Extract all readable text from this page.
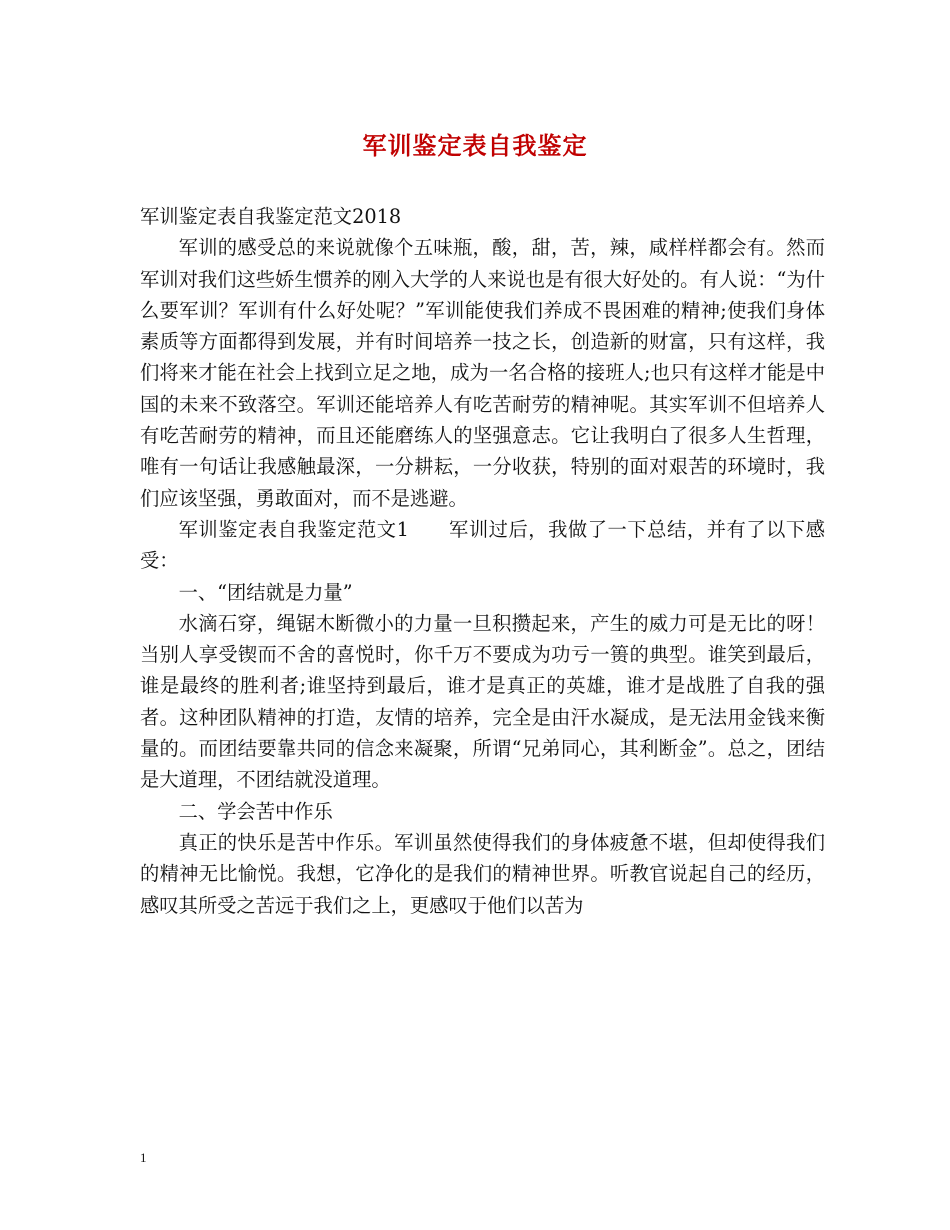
军训鉴定表自我鉴定

军训鉴定表自我鉴定范文2018

军训的感受总的来说就像个五味瓶，酸，甜，苦，辣，咸样样都会有。然而军训对我们这些娇生惯养的刚入大学的人来说也是有很大好处的。有人说：“为什么要军训？军训有什么好处呢？”军训能使我们养成不畏困难的精神;使我们身体素质等方面都得到发展，并有时间培养一技之长，创造新的财富，只有这样，我们将来才能在社会上找到立足之地，成为一名合格的接班人;也只有这样才能是中国的未来不致落空。军训还能培养人有吃苦耐劳的精神呢。其实军训不但培养人有吃苦耐劳的精神，而且还能磨练人的坚强意志。它让我明白了很多人生哲理，唯有一句话让我感触最深，一分耕耘，一分收获，特别的面对艰苦的环境时，我们应该坚强，勇敢面对，而不是逃避。

军训鉴定表自我鉴定范文1　　军训过后，我做了一下总结，并有了以下感受：

一、“团结就是力量”

水滴石穿，绳锯木断微小的力量一旦积攒起来，产生的威力可是无比的呀！当别人享受锲而不舍的喜悦时，你千万不要成为功亏一篑的典型。谁笑到最后，谁是最终的胜利者;谁坚持到最后，谁才是真正的英雄，谁才是战胜了自我的强者。这种团队精神的打造，友情的培养，完全是由汗水凝成，是无法用金钱来衡量的。而团结要靠共同的信念来凝聚，所谓“兄弟同心，其利断金”。总之，团结是大道理，不团结就没道理。

二、学会苦中作乐

真正的快乐是苦中作乐。军训虽然使得我们的身体疲惫不堪，但却使得我们的精神无比愉悦。我想，它净化的是我们的精神世界。听教官说起自己的经历，感叹其所受之苦远于我们之上，更感叹于他们以苦为

1
